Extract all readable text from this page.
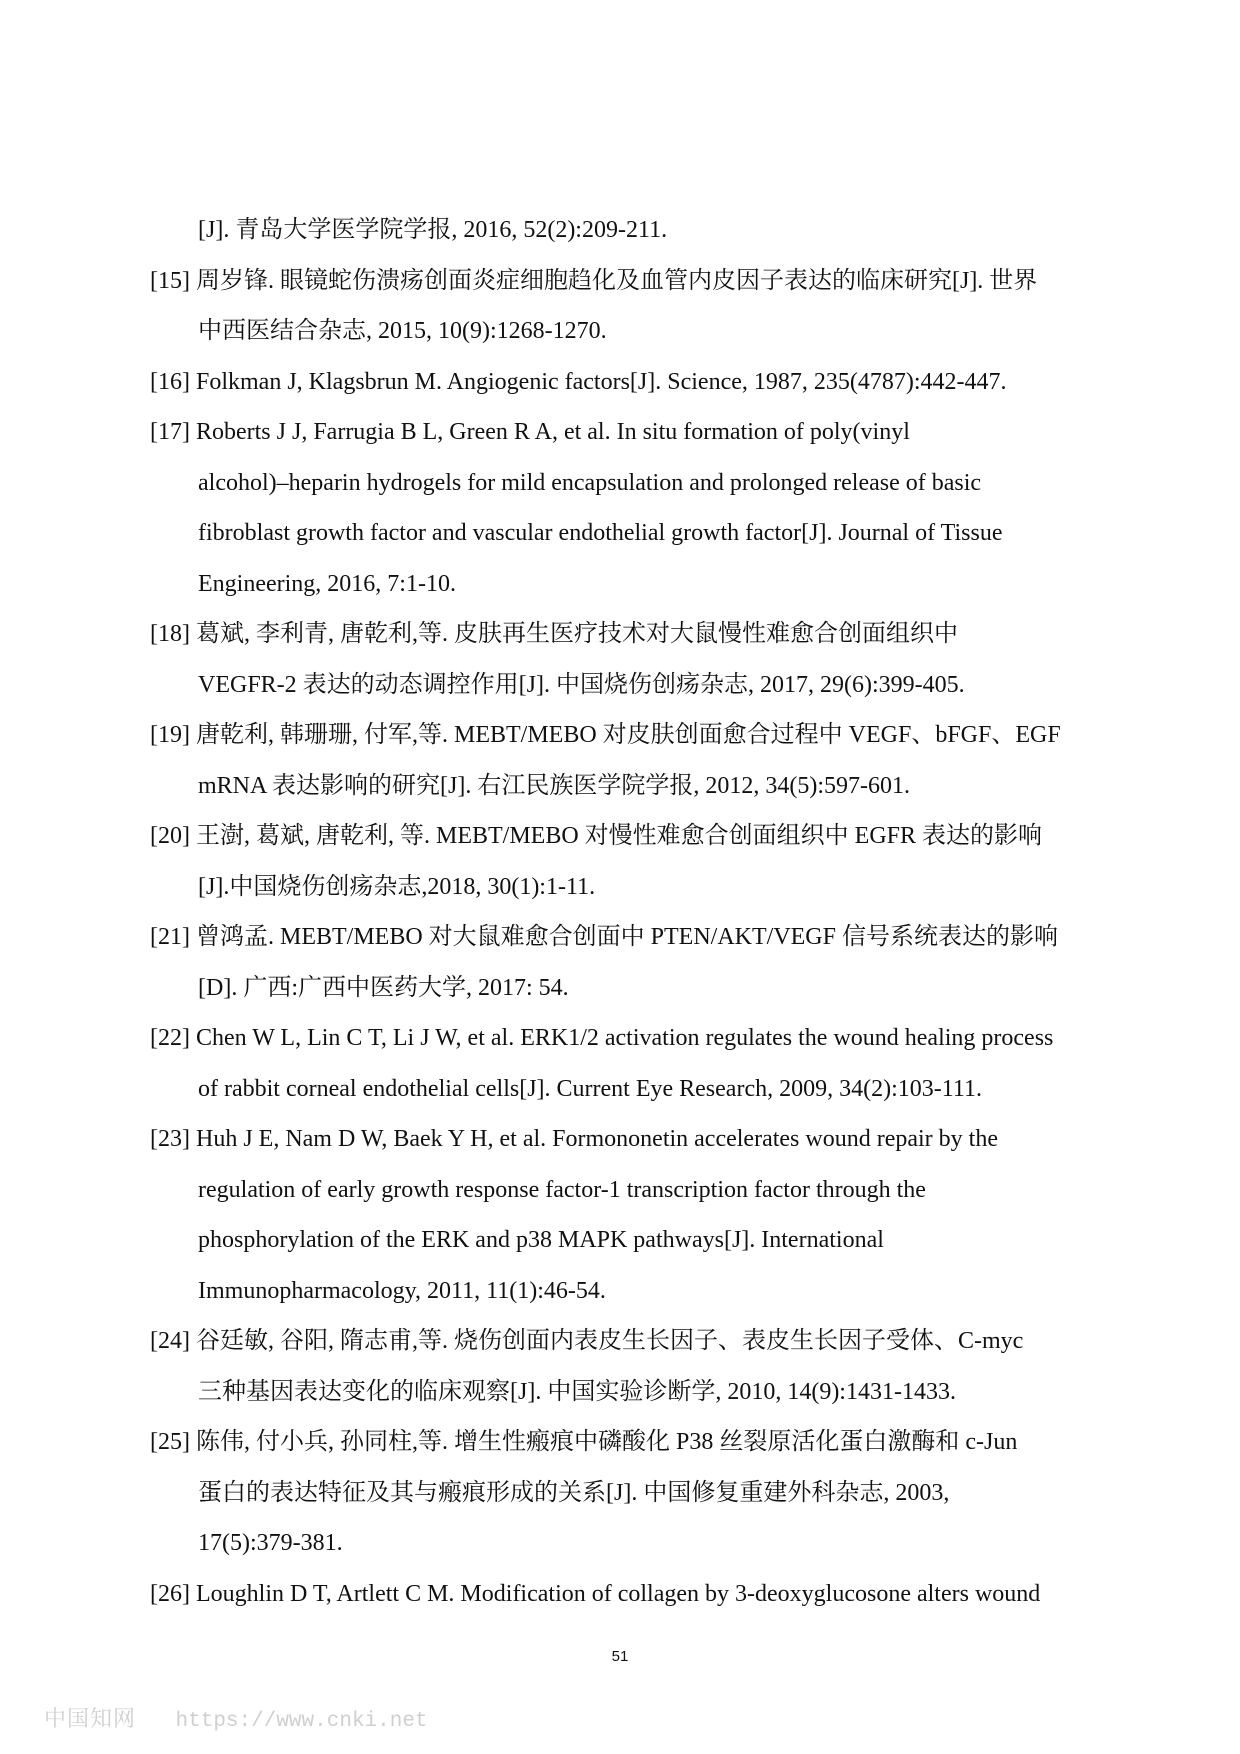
[J]. 青岛大学医学院学报, 2016, 52(2):209-211.
[15] 周岁锋. 眼镜蛇伤溃疡创面炎症细胞趋化及血管内皮因子表达的临床研究[J]. 世界
中西医结合杂志, 2015, 10(9):1268-1270.
[16] Folkman J, Klagsbrun M. Angiogenic factors[J]. Science, 1987, 235(4787):442-447.
[17] Roberts J J, Farrugia B L, Green R A, et al. In situ formation of poly(vinyl
alcohol)–heparin hydrogels for mild encapsulation and prolonged release of basic
fibroblast growth factor and vascular endothelial growth factor[J]. Journal of Tissue
Engineering, 2016, 7:1-10.
[18] 葛斌, 李利青, 唐乾利,等. 皮肤再生医疗技术对大鼠慢性难愈合创面组织中
VEGFR-2 表达的动态调控作用[J]. 中国烧伤创疡杂志, 2017, 29(6):399-405.
[19] 唐乾利, 韩珊珊, 付军,等. MEBT/MEBO 对皮肤创面愈合过程中 VEGF、bFGF、EGF
mRNA 表达影响的研究[J]. 右江民族医学院学报, 2012, 34(5):597-601.
[20] 王澍, 葛斌, 唐乾利, 等. MEBT/MEBO 对慢性难愈合创面组织中 EGFR 表达的影响
[J].中国烧伤创疡杂志,2018, 30(1):1-11.
[21] 曾鸿孟. MEBT/MEBO 对大鼠难愈合创面中 PTEN/AKT/VEGF 信号系统表达的影响
[D]. 广西:广西中医药大学, 2017: 54.
[22] Chen W L, Lin C T, Li J W, et al. ERK1/2 activation regulates the wound healing process
of rabbit corneal endothelial cells[J]. Current Eye Research, 2009, 34(2):103-111.
[23] Huh J E, Nam D W, Baek Y H, et al. Formononetin accelerates wound repair by the
regulation of early growth response factor-1 transcription factor through the
phosphorylation of the ERK and p38 MAPK pathways[J]. International
Immunopharmacology, 2011, 11(1):46-54.
[24] 谷廷敏, 谷阳, 隋志甫,等. 烧伤创面内表皮生长因子、表皮生长因子受体、C-myc
三种基因表达变化的临床观察[J]. 中国实验诊断学, 2010, 14(9):1431-1433.
[25] 陈伟, 付小兵, 孙同柱,等. 增生性瘢痕中磷酸化 P38 丝裂原活化蛋白激酶和 c-Jun
蛋白的表达特征及其与瘢痕形成的关系[J]. 中国修复重建外科杂志, 2003,
17(5):379-381.
[26] Loughlin D T, Artlett C M. Modification of collagen by 3-deoxyglucosone alters wound
51
中国知网 https://www.cnki.net
